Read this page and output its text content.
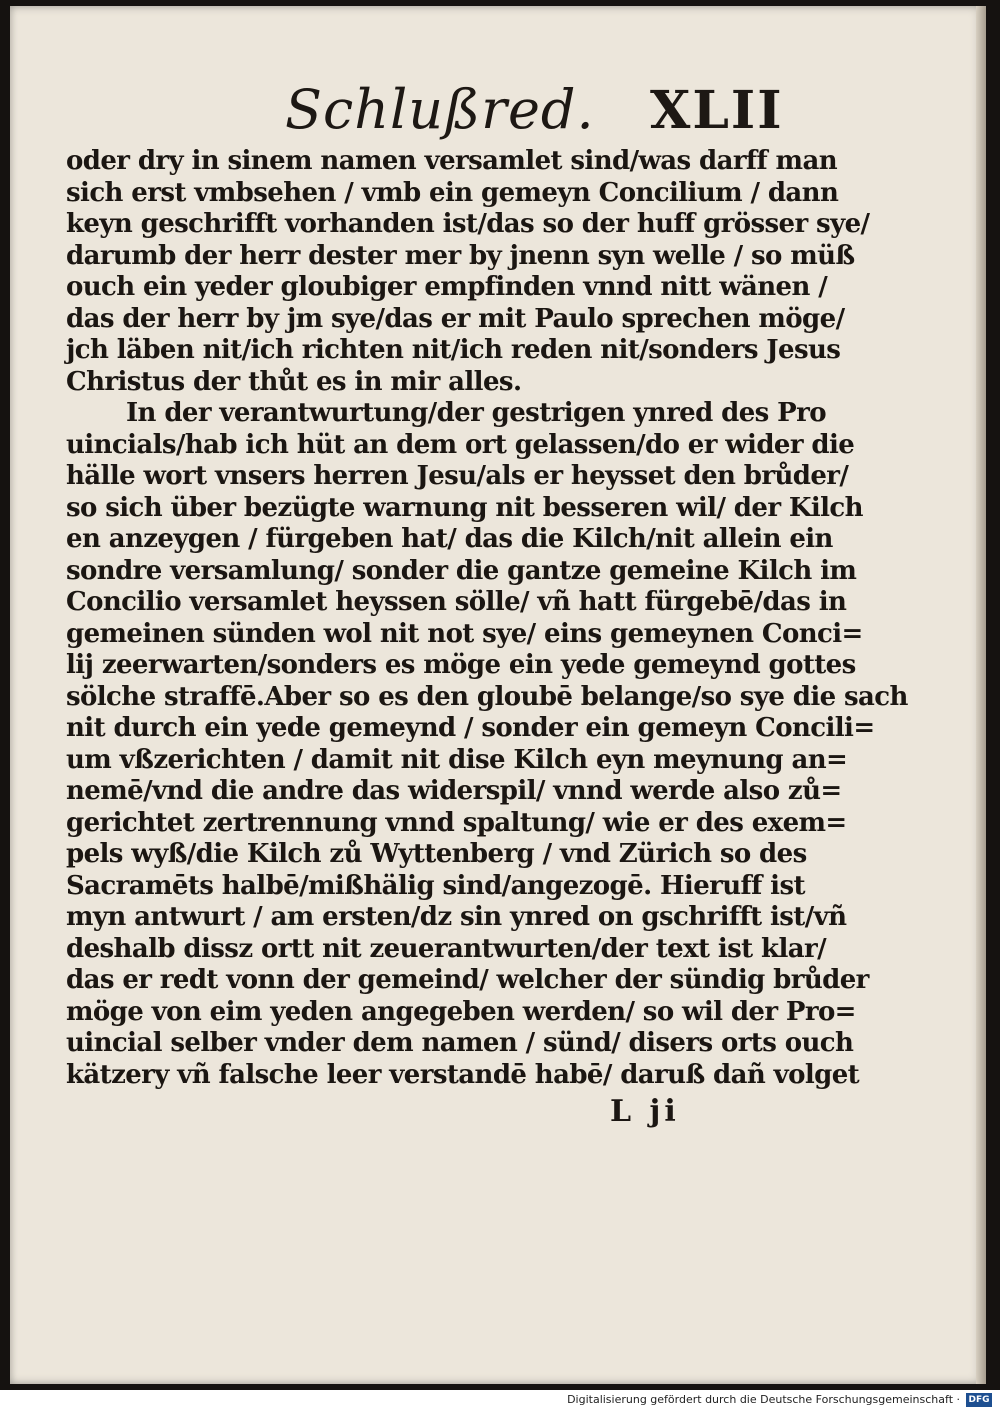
Schlußred. XLII
oder dry in sinem namen versamlet sind/was darff man
sich erst vmbsehen / vmb ein gemeyn Concilium / dann
keyn geschrifft vorhanden ist/das so der huff grösser sye/
darumb der herr dester mer by jnenn syn welle / so müß
ouch ein yeder gloubiger empfinden vnnd nitt wänen /
das der herr by jm sye/das er mit Paulo sprechen möge/
jch läben nit/ich richten nit/ich reden nit/sonders Jesus
Christus der thůt es in mir alles.
In der verantwurtung/der gestrigen ynred des Pro
uincials/hab ich hüt an dem ort gelassen/do er wider die
hälle wort vnsers herren Jesu/als er heysset den brůder/
so sich über bezügte warnung nit besseren wil/ der Kilch
en anzeygen / fürgeben hat/ das die Kilch/nit allein ein
sondre versamlung/ sonder die gantze gemeine Kilch im
Concilio versamlet heyssen sölle/ vñ hatt fürgebē/das in
gemeinen sünden wol nit not sye/ eins gemeynen Conci=
lij zeerwarten/sonders es möge ein yede gemeynd gottes
sölche straffē.Aber so es den gloubē belange/so sye die sach
nit durch ein yede gemeynd / sonder ein gemeyn Concili=
um vßzerichten / damit nit dise Kilch eyn meynung an=
nemē/vnd die andre das widerspil/ vnnd werde also zů=
gerichtet zertrennung vnnd spaltung/ wie er des exem=
pels wyß/die Kilch zů Wyttenberg / vnd Zürich so des
Sacramēts halbē/mißhälig sind/angezogē. Hieruff ist
myn antwurt / am ersten/dz sin ynred on gschrifft ist/vñ
deshalb dissz ortt nit zeuerantwurten/der text ist klar/
das er redt vonn der gemeind/ welcher der sündig brůder
möge von eim yeden angegeben werden/ so wil der Pro=
uincial selber vnder dem namen / sünd/ disers orts ouch
kätzery vñ falsche leer verstandē habē/ daruß dañ volget
L ji
Digitalisierung gefördert durch die Deutsche Forschungsgemeinschaft · DFG
